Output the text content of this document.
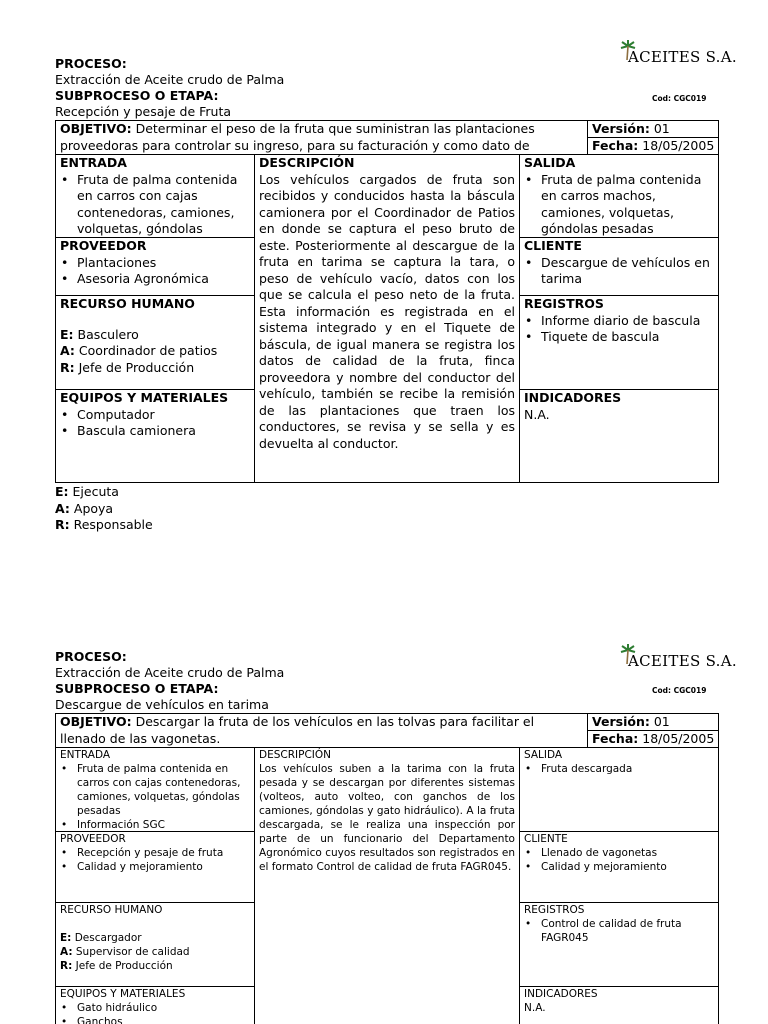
PROCESO:
Extracción de Aceite crudo de Palma
SUBPROCESO O ETAPA:
Recepción y pesaje de Fruta
ACEITES S.A.
Cod: CGC019
OBJETIVO: Determinar el peso de la fruta que suministran las plantaciones proveedoras para controlar su ingreso, para su facturación y como dato de
Versión: 01
Fecha: 18/05/2005
ENTRADA
• Fruta de palma contenida en carros con cajas contenedoras, camiones, volquetas, góndolas
PROVEEDOR
• Plantaciones
• Asesoria Agronómica
RECURSO HUMANO
E: Basculero
A: Coordinador de patios
R: Jefe de Producción
EQUIPOS Y MATERIALES
• Computador
• Bascula camionera
DESCRIPCIÓN
Los vehículos cargados de fruta son recibidos y conducidos hasta la báscula camionera por el Coordinador de Patios en donde se captura el peso bruto de este. Posteriormente al descargue de la fruta en tarima se captura la tara, o peso de vehículo vacío, datos con los que se calcula el peso neto de la fruta. Esta información es registrada en el sistema integrado y en el Tiquete de báscula, de igual manera se registra los datos de calidad de la fruta, finca proveedora y nombre del conductor del vehículo, también se recibe la remisión de las plantaciones que traen los conductores, se revisa y se sella y es devuelta al conductor.
SALIDA
• Fruta de palma contenida en carros machos, camiones, volquetas, góndolas pesadas
CLIENTE
• Descargue de vehículos en tarima
REGISTROS
• Informe diario de bascula
• Tiquete de bascula
INDICADORES
N.A.
E: Ejecuta
A: Apoya
R: Responsable
PROCESO:
Extracción de Aceite crudo de Palma
SUBPROCESO O ETAPA:
Descargue de vehículos en tarima
ACEITES S.A.
Cod: CGC019
OBJETIVO: Descargar la fruta de los vehículos en las tolvas para facilitar el llenado de las vagonetas.
Versión: 01
Fecha: 18/05/2005
ENTRADA
• Fruta de palma contenida en carros con cajas contenedoras, camiones, volquetas, góndolas pesadas
• Información SGC
PROVEEDOR
• Recepción y pesaje de fruta
• Calidad y mejoramiento
RECURSO HUMANO
E: Descargador
A: Supervisor de calidad
R: Jefe de Producción
EQUIPOS Y MATERIALES
• Gato hidráulico
• Ganchos
DESCRIPCIÓN
Los vehículos suben a la tarima con la fruta pesada y se descargan por diferentes sistemas (volteos, auto volteo, con ganchos de los camiones, góndolas y gato hidráulico). A la fruta descargada, se le realiza una inspección por parte de un funcionario del Departamento Agronómico cuyos resultados son registrados en el formato Control de calidad de fruta FAGR045.
SALIDA
• Fruta descargada
CLIENTE
• Llenado de vagonetas
• Calidad y mejoramiento
REGISTROS
• Control de calidad de fruta FAGR045
INDICADORES
N.A.
